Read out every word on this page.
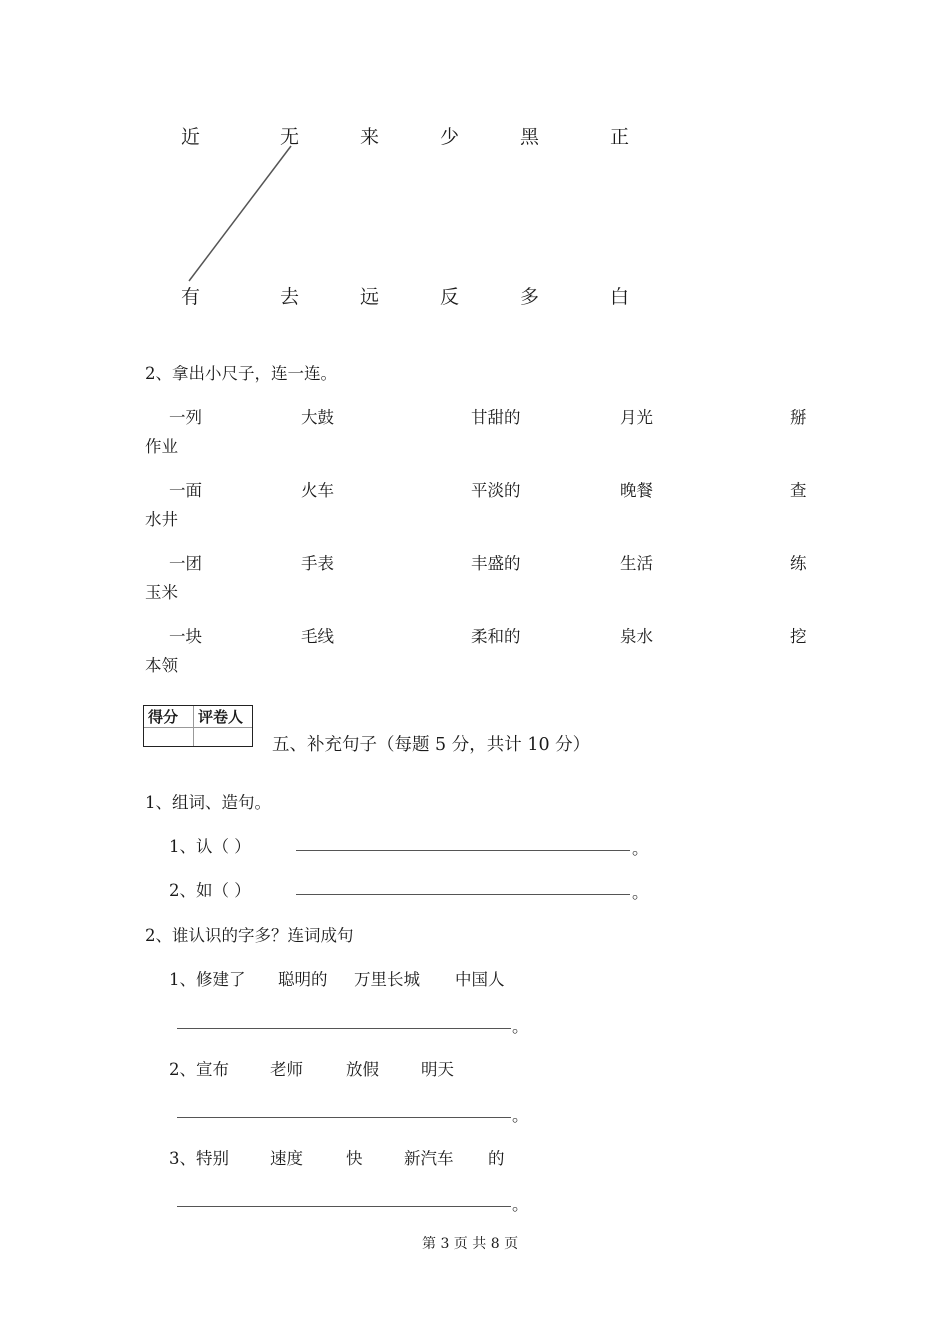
近	无	来	少	黑	正
有	去	远	反	多	白
2、拿出小尺子，连一连。
一列	大鼓	甘甜的	月光	掰
作业
一面	火车	平淡的	晚餐	查
水井
一团	手表	丰盛的	生活	练
玉米
一块	毛线	柔和的	泉水	挖
本领
得分	评卷人
五、补充句子（每题 5 分，共计 10 分）
1、组词、造句。
1、认（ ）	。
2、如（ ）	。
2、谁认识的字多？连词成句
1、修建了 聪明的 万里长城 中国人
。
2、宣布 老师	放假	明天
。
3、特别 速度	快	新汽车 的
。
第 3 页 共 8 页
